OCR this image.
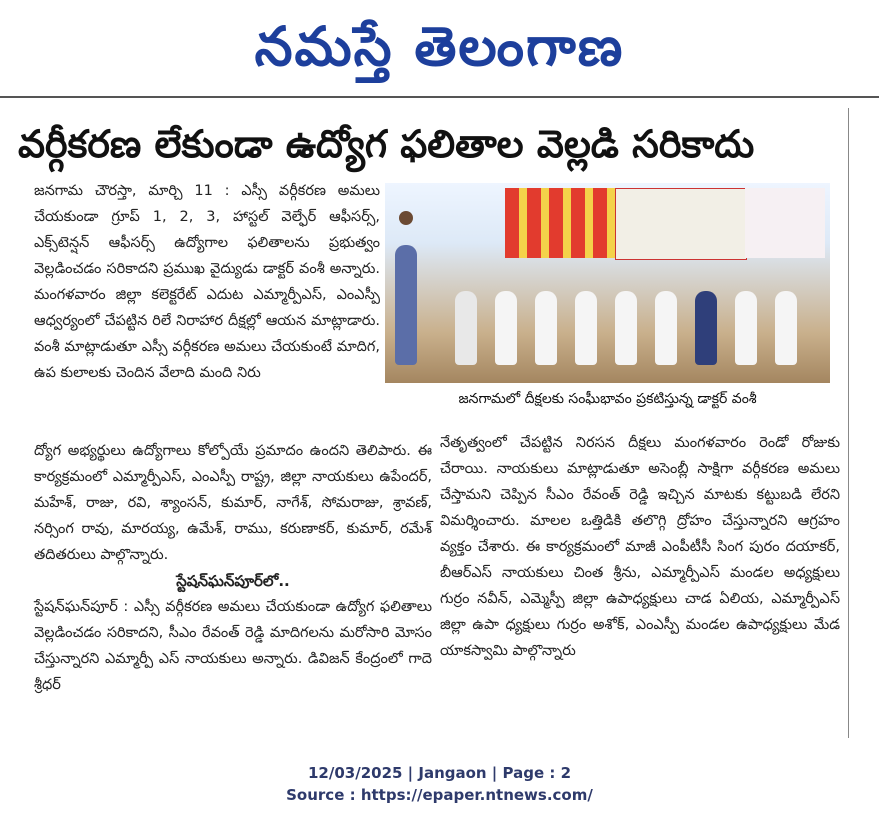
నమస్తే తెలంగాణ
వర్గీకరణ లేకుండా ఉద్యోగ ఫలితాల వెల్లడి సరికాదు

జనగామ చౌరస్తా, మార్చి 11 : ఎస్సీ వర్గీకరణ అమలు చేయకుండా గ్రూప్ 1, 2, 3, హాస్టల్ వెల్ఫేర్ ఆఫీసర్స్, ఎక్స్‌టెన్షన్ ఆఫీసర్స్ ఉద్యోగాల ఫలితాలను ప్రభుత్వం వెల్లడించడం సరికాదని ప్రముఖ వైద్యుడు డాక్టర్ వంశీ అన్నారు. మంగళవారం జిల్లా కలెక్టరేట్ ఎదుట ఎమ్మార్పీఎస్, ఎంఎస్పీ ఆధ్వర్యంలో చేపట్టిన రిలే నిరాహార దీక్షల్లో ఆయన మాట్లాడారు. వంశీ మాట్లాడుతూ ఎస్సీ వర్గీకరణ అమలు చేయకుంటే మాదిగ, ఉప కులాలకు చెందిన వేలాది మంది నిరు

జనగామలో దీక్షలకు సంఘీభావం ప్రకటిస్తున్న డాక్టర్ వంశీ

ద్యోగ అభ్యర్థులు ఉద్యోగాలు కోల్పోయే ప్రమాదం ఉందని తెలిపారు. ఈ కార్యక్రమంలో ఎమ్మార్పీఎస్, ఎంఎస్పీ రాష్ట్ర, జిల్లా నాయకులు ఉపేందర్, మహేశ్, రాజు, రవి, శ్యాంసన్, కుమార్, నాగేశ్, సోమరాజు, శ్రావణ్, నర్సింగ రావు, మారయ్య, ఉమేశ్, రాము, కరుణాకర్, కుమార్, రమేశ్ తదితరులు పాల్గొన్నారు.

స్టేషన్‌ఘన్‌పూర్‌లో..

స్టేషన్‌ఘన్‌పూర్ : ఎస్సీ వర్గీకరణ అమలు చేయకుండా ఉద్యోగ ఫలితాలు వెల్లడించడం సరికాదని, సీఎం రేవంత్ రెడ్డి మాదిగలను మరోసారి మోసం చేస్తున్నారని ఎమ్మార్పీ ఎస్ నాయకులు అన్నారు. డివిజన్ కేంద్రంలో గాదె శ్రీధర్

నేతృత్వంలో చేపట్టిన నిరసన దీక్షలు మంగళవారం రెండో రోజుకు చేరాయి. నాయకులు మాట్లాడుతూ అసెంబ్లీ సాక్షిగా వర్గీకరణ అమలు చేస్తామని చెప్పిన సీఎం రేవంత్ రెడ్డి ఇచ్చిన మాటకు కట్టుబడి లేరని విమర్శించారు. మాలల ఒత్తిడికి తలొగ్గి ద్రోహం చేస్తున్నారని ఆగ్రహం వ్యక్తం చేశారు. ఈ కార్యక్రమంలో మాజీ ఎంపీటీసీ సింగ పురం దయాకర్, బీఆర్ఎస్ నాయకులు చింత శ్రీను, ఎమ్మార్పీఎస్ మండల అధ్యక్షులు గుర్రం నవీన్, ఎమ్మెస్పీ జిల్లా ఉపాధ్యక్షులు చాడ ఏలియ, ఎమ్మార్పీఎస్ జిల్లా ఉపా ధ్యక్షులు గుర్రం అశోక్, ఎంఎస్పీ మండల ఉపాధ్యక్షులు మేడ యాకస్వామి పాల్గొన్నారు

12/03/2025 | Jangaon | Page : 2
Source : https://epaper.ntnews.com/
